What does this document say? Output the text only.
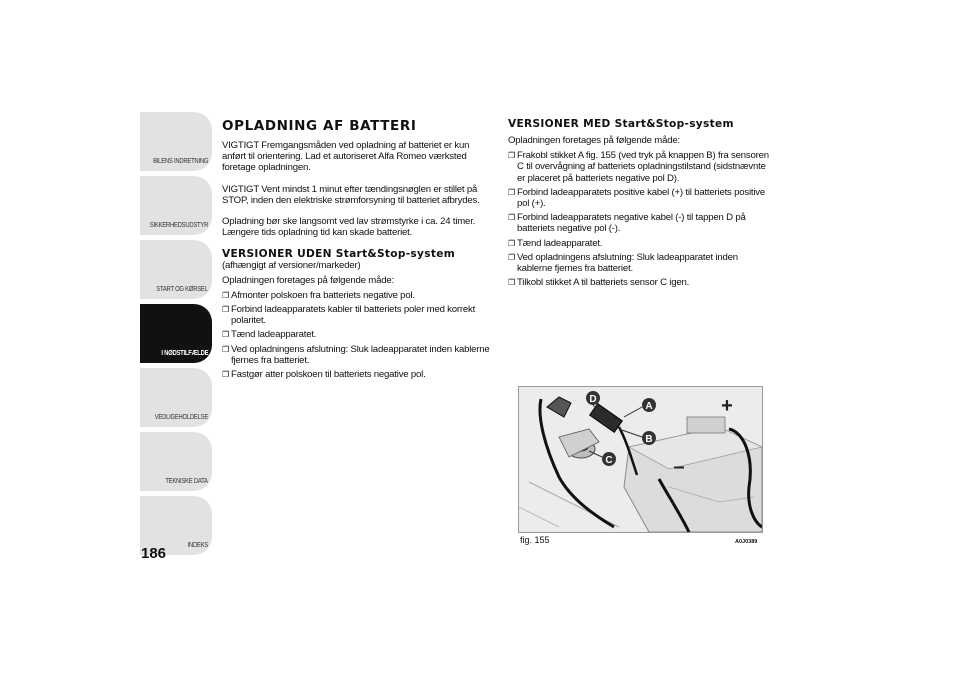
BILENS INDRETNING
SIKKERHEDSUDSTYR
START OG KØRSEL
I NØDSTILFÆLDE
VEDLIGEHOLDELSE
TEKNISKE DATA
INDEKS
186
OPLADNING AF BATTERI

VIGTIGT Fremgangsmåden ved opladning af batteriet er kun anført til orientering. Lad et autoriseret Alfa Romeo værksted foretage opladningen.

VIGTIGT Vent mindst 1 minut efter tændingsnøglen er stillet på STOP, inden den elektriske strømforsyning til batteriet afbrydes.

Opladning bør ske langsomt ved lav strømstyrke i ca. 24 timer. Længere tids opladning tid kan skade batteriet.

VERSIONER UDEN Start&Stop-system

(afhængigt af versioner/markeder)

Opladningen foretages på følgende måde:

❐ Afmonter polskoen fra batteriets negative pol.
❐ Forbind ladeapparatets kabler til batteriets poler med korrekt polaritet.
❐ Tænd ladeapparatet.
❐ Ved opladningens afslutning: Sluk ladeapparatet inden kablerne fjernes fra batteriet.
❐ Fastgør atter polskoen til batteriets negative pol.
VERSIONER MED Start&Stop-system

Opladningen foretages på følgende måde:

❐ Frakobl stikket A fig. 155 (ved tryk på knappen B) fra sensoren C til overvågning af batteriets opladningstilstand (sidstnævnte er placeret på batteriets negative pol D).
❐ Forbind ladeapparatets positive kabel (+) til batteriets positive pol (+).
❐ Forbind ladeapparatets negative kabel (-) til tappen D på batteriets negative pol (-).
❐ Tænd ladeapparatet.
❐ Ved opladningens afslutning: Sluk ladeapparatet inden kablerne fjernes fra batteriet.
❐ Tilkobl stikket A til batteriets sensor C igen.
D
A
B
C
+
–
fig. 155	A0J0389
